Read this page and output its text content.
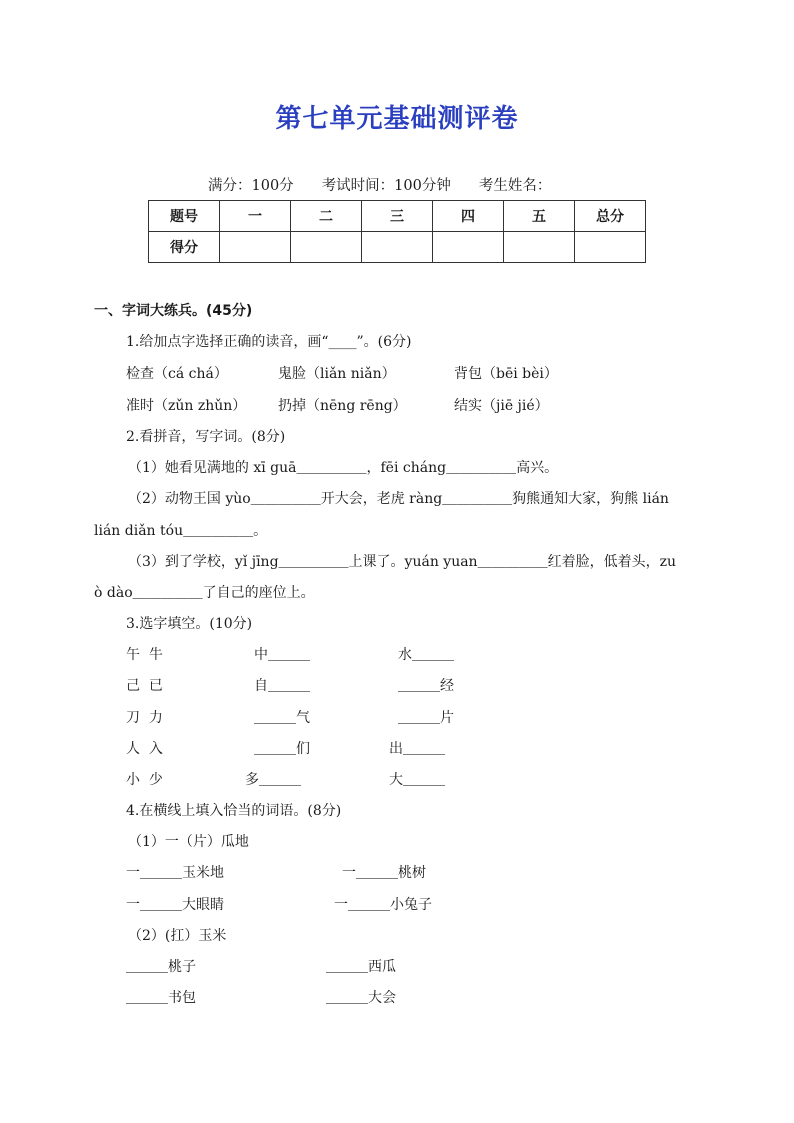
第七单元基础测评卷
满分：100分 考试时间：100分钟 考生姓名：
题号	一	二	三	四	五	总分
得分						
一、字词大练兵。(45分)
1.给加点字选择正确的读音，画“____”。(6分)
检查（cá chá）	鬼脸（liǎn niǎn）	背包（bēi bèi）
准时（zǔn zhǔn） 扔掉（nēng rēng）	结实（jiē jié）
2.看拼音，写字词。(8分)
（1）她看见满地的 xī guā＿＿＿＿＿，fēi cháng＿＿＿＿＿高兴。
（2）动物王国 yùo＿＿＿＿＿开大会，老虎 ràng＿＿＿＿＿狗熊通知大家，狗熊 lián
lián diǎn tóu＿＿＿＿＿。
（3）到了学校，yǐ jīng＿＿＿＿＿上课了。yuán yuan＿＿＿＿＿红着脸，低着头，zu
ò dào＿＿＿＿＿了自己的座位上。
3.选字填空。(10分)
午  牛	中＿＿＿	水＿＿＿
己  已	自＿＿＿	＿＿＿经
刀  力	＿＿＿气	＿＿＿片
人  入	＿＿＿们	出＿＿＿
小  少	多＿＿＿	大＿＿＿
4.在横线上填入恰当的词语。(8分)
（1）一（片）瓜地
一＿＿＿玉米地	一＿＿＿桃树
一＿＿＿大眼睛	一＿＿＿小兔子
（2）(扛）玉米
＿＿＿桃子	＿＿＿西瓜
＿＿＿书包	＿＿＿大会
